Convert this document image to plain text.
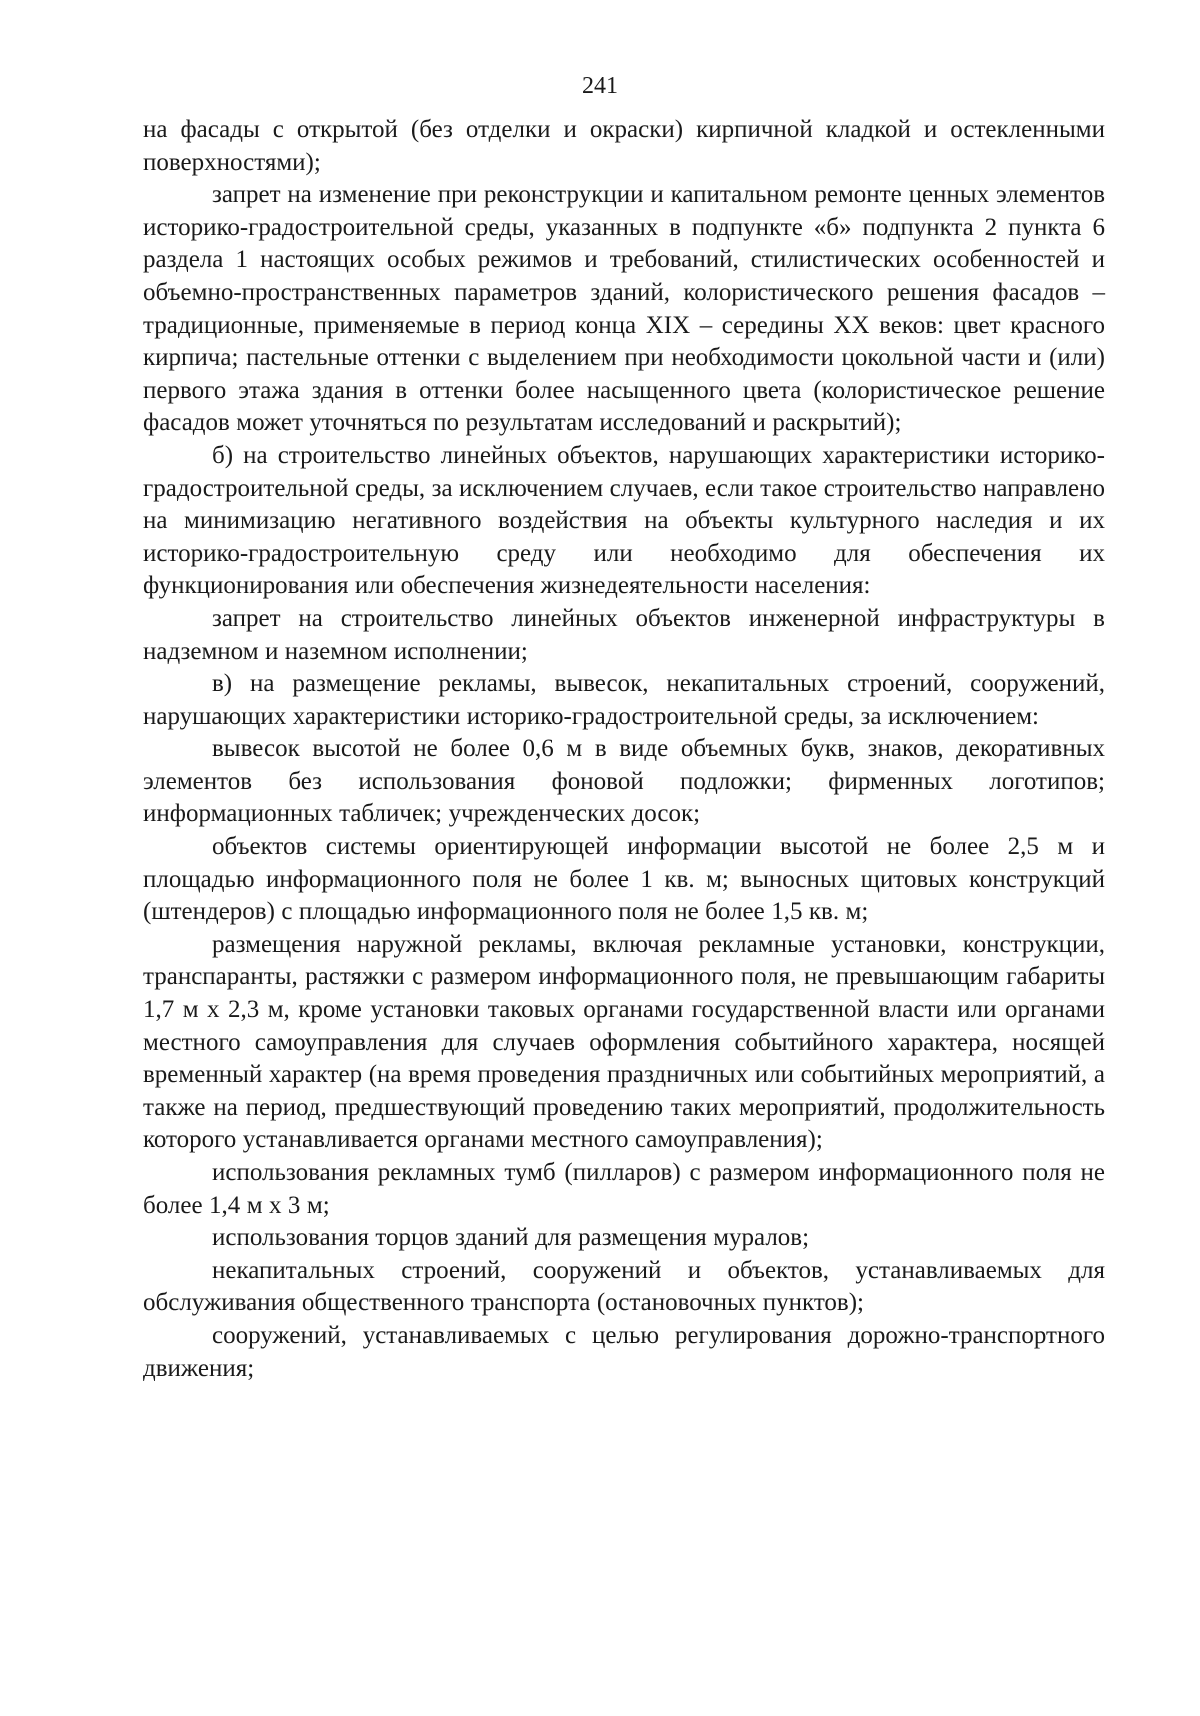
241

на фасады с открытой (без отделки и окраски) кирпичной кладкой и остекленными поверхностями);

запрет на изменение при реконструкции и капитальном ремонте ценных элементов историко-градостроительной среды, указанных в подпункте «б» подпункта 2 пункта 6 раздела 1 настоящих особых режимов и требований, стилистических особенностей и объемно-пространственных параметров зданий, колористического решения фасадов – традиционные, применяемые в период конца XIX – середины XX веков: цвет красного кирпича; пастельные оттенки с выделением при необходимости цокольной части и (или) первого этажа здания в оттенки более насыщенного цвета (колористическое решение фасадов может уточняться по результатам исследований и раскрытий);

б) на строительство линейных объектов, нарушающих характеристики историко-градостроительной среды, за исключением случаев, если такое строительство направлено на минимизацию негативного воздействия на объекты культурного наследия и их историко-градостроительную среду или необходимо для обеспечения их функционирования или обеспечения жизнедеятельности населения:

запрет на строительство линейных объектов инженерной инфраструктуры в надземном и наземном исполнении;

в) на размещение рекламы, вывесок, некапитальных строений, сооружений, нарушающих характеристики историко-градостроительной среды, за исключением:

вывесок высотой не более 0,6 м в виде объемных букв, знаков, декоративных элементов без использования фоновой подложки; фирменных логотипов; информационных табличек; учрежденческих досок;

объектов системы ориентирующей информации высотой не более 2,5 м и площадью информационного поля не более 1 кв. м; выносных щитовых конструкций (штендеров) с площадью информационного поля не более 1,5 кв. м;

размещения наружной рекламы, включая рекламные установки, конструкции, транспаранты, растяжки с размером информационного поля, не превышающим габариты 1,7 м x 2,3 м, кроме установки таковых органами государственной власти или органами местного самоуправления для случаев оформления событийного характера, носящей временный характер (на время проведения праздничных или событийных мероприятий, а также на период, предшествующий проведению таких мероприятий, продолжительность которого устанавливается органами местного самоуправления);

использования рекламных тумб (пилларов) с размером информационного поля не более 1,4 м x 3 м;

использования торцов зданий для размещения муралов;

некапитальных строений, сооружений и объектов, устанавливаемых для обслуживания общественного транспорта (остановочных пунктов);

сооружений, устанавливаемых с целью регулирования дорожно-транспортного движения;
